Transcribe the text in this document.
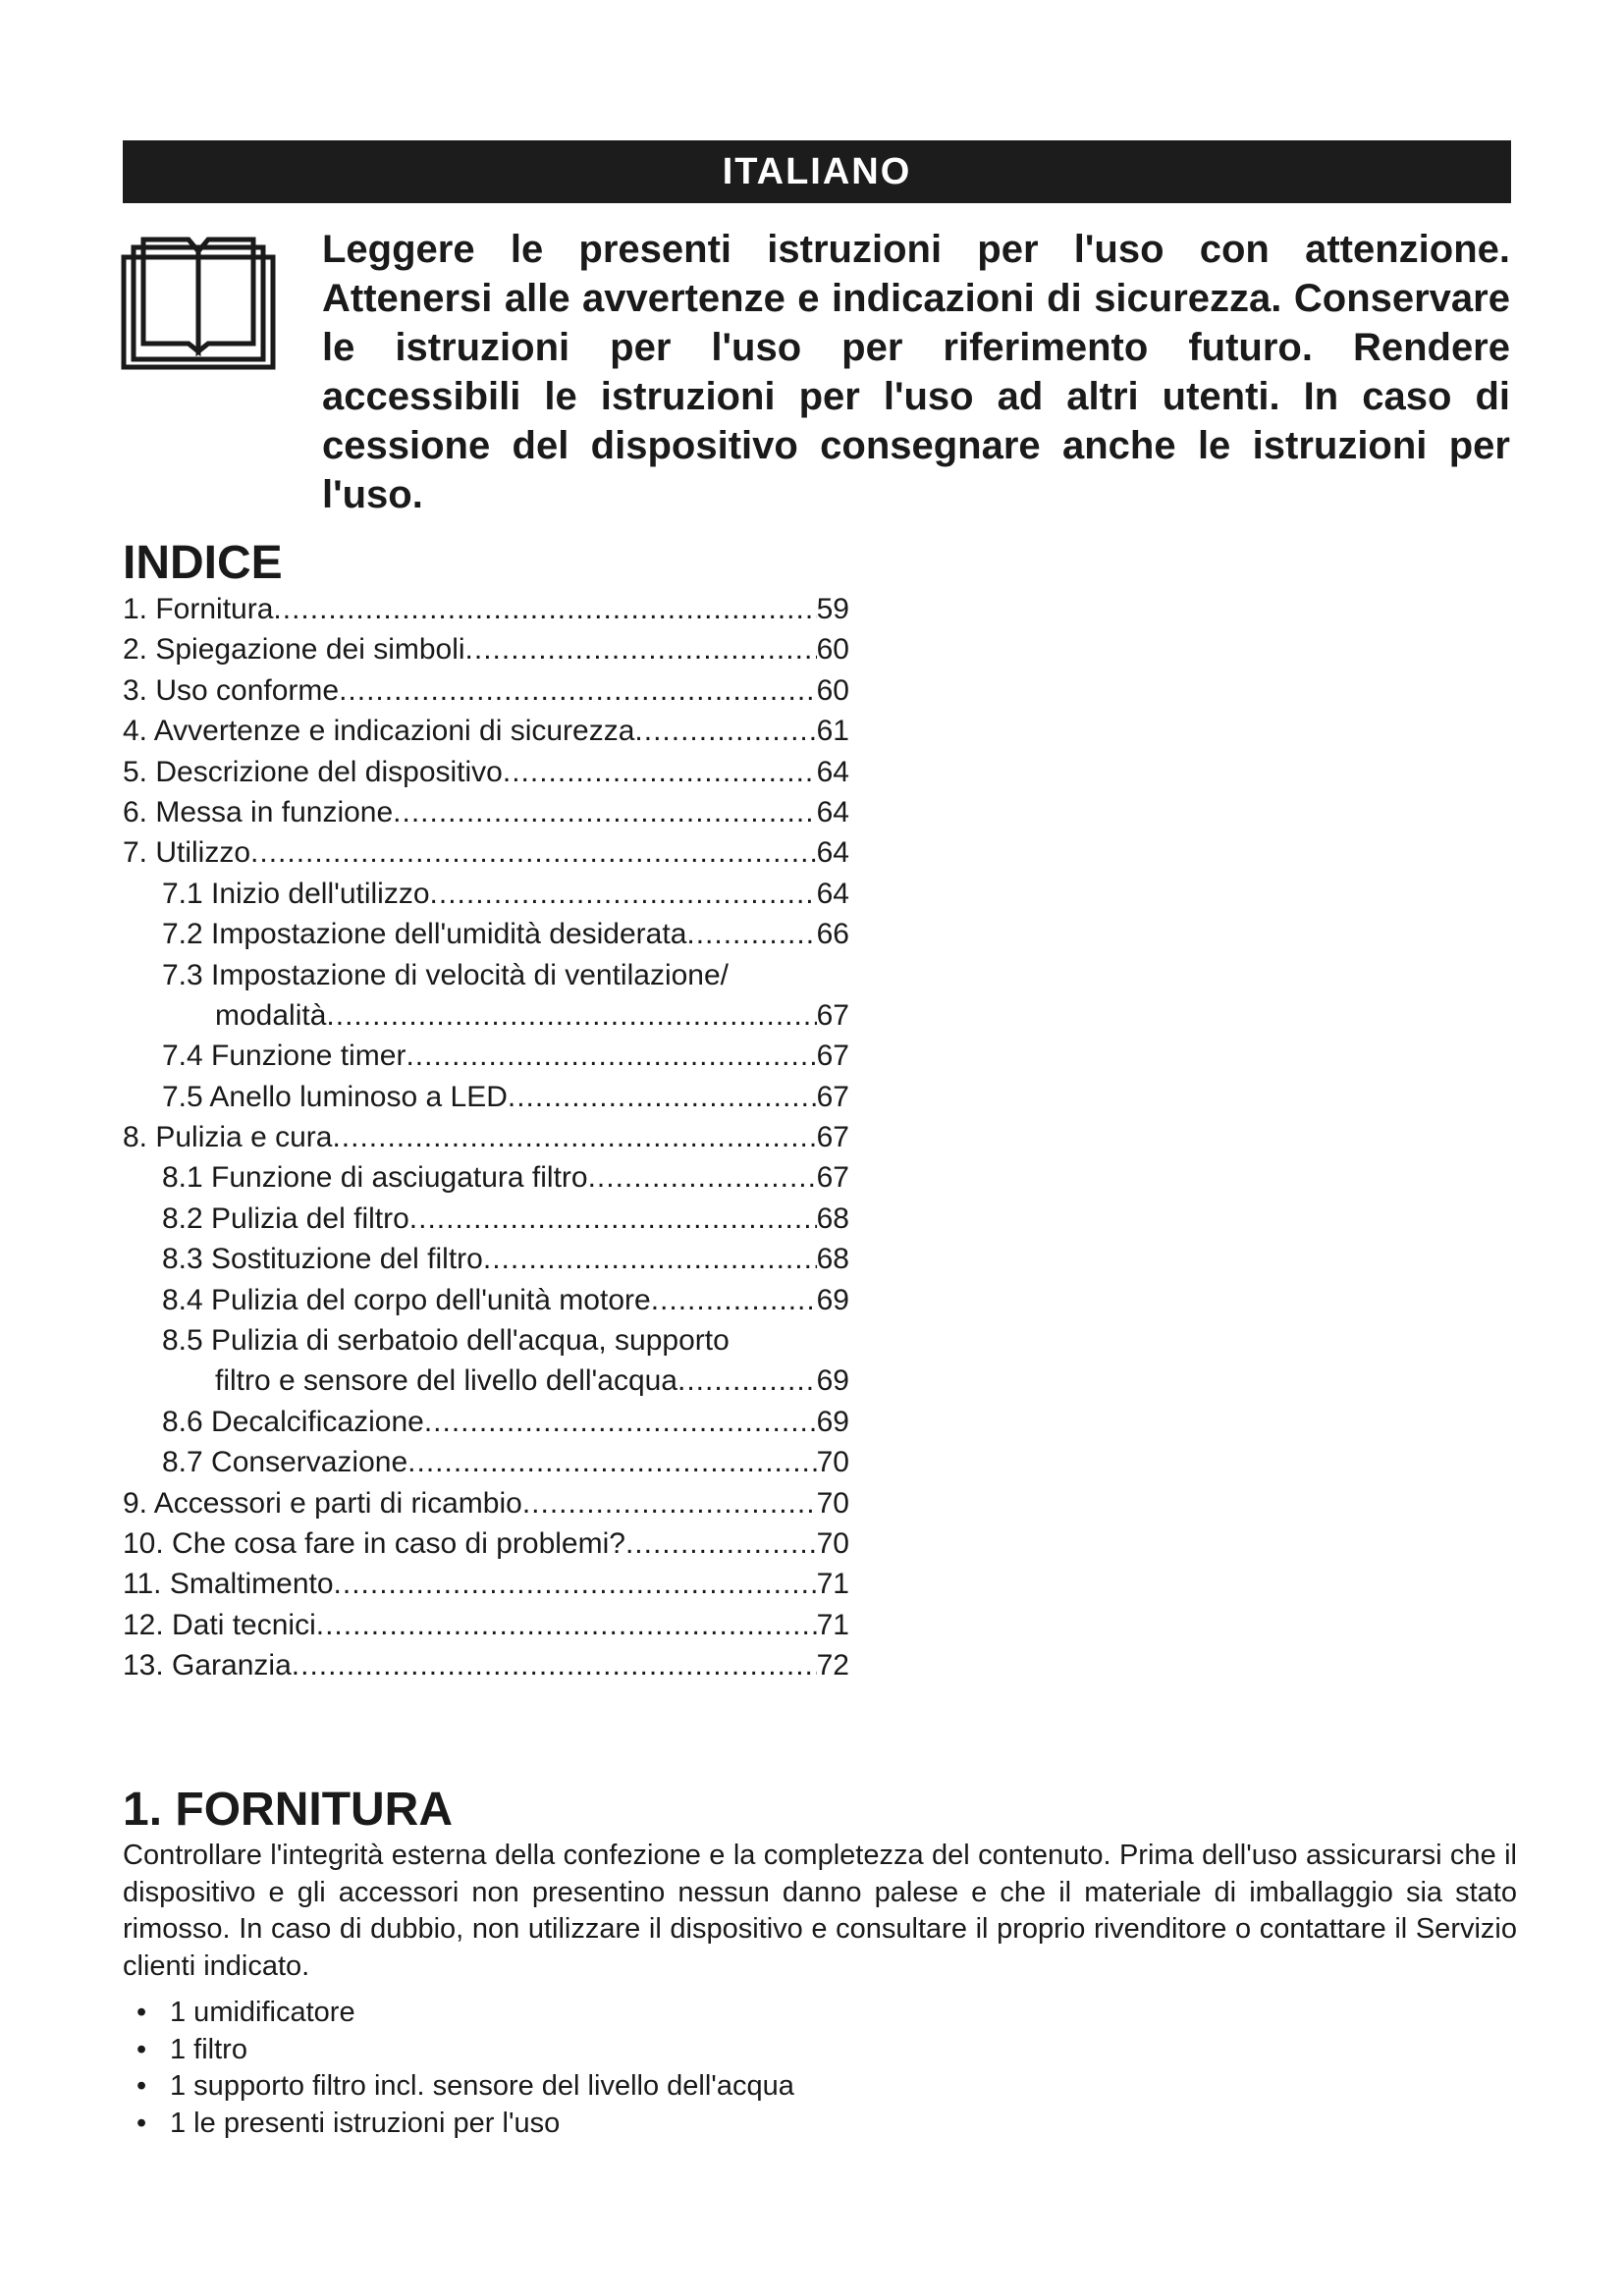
ITALIANO

Leggere le presenti istruzioni per l'uso con attenzione. Attenersi alle avvertenze e indicazioni di sicurezza. Conservare le istruzioni per l'uso per riferimento futuro. Rendere accessibili le istruzioni per l'uso ad altri utenti. In caso di cessione del dispositivo consegnare anche le istruzioni per l'uso.

INDICE
1. Fornitura .....	59
2. Spiegazione dei simboli .....	60
3. Uso conforme .....	60
4. Avvertenze e indicazioni di sicurezza .....	61
5. Descrizione del dispositivo .....	64
6. Messa in funzione .....	64
7. Utilizzo .....	64
7.1 Inizio dell'utilizzo .....	64
7.2 Impostazione dell'umidità desiderata .....	66
7.3 Impostazione di velocità di ventilazione/
modalità .....	67
7.4 Funzione timer .....	67
7.5 Anello luminoso a LED .....	67
8. Pulizia e cura .....	67
8.1 Funzione di asciugatura filtro .....	67
8.2 Pulizia del filtro .....	68
8.3 Sostituzione del filtro .....	68
8.4 Pulizia del corpo dell'unità motore .....	69
8.5 Pulizia di serbatoio dell'acqua, supporto
filtro e sensore del livello dell'acqua .....	69
8.6 Decalcificazione .....	69
8.7 Conservazione .....	70
9. Accessori e parti di ricambio .....	70
10. Che cosa fare in caso di problemi? .....	70
11. Smaltimento .....	71
12. Dati tecnici .....	71
13. Garanzia .....	72
1. FORNITURA

Controllare l'integrità esterna della confezione e la completezza del contenuto. Prima dell'uso assicurarsi che il dispositivo e gli accessori non presentino nessun danno palese e che il materiale di imballaggio sia stato rimosso. In caso di dubbio, non utilizzare il dispositivo e consultare il proprio rivenditore o contattare il Servizio clienti indicato.

• 1 umidificatore
• 1 filtro
• 1 supporto filtro incl. sensore del livello dell'acqua
• 1 le presenti istruzioni per l'uso
